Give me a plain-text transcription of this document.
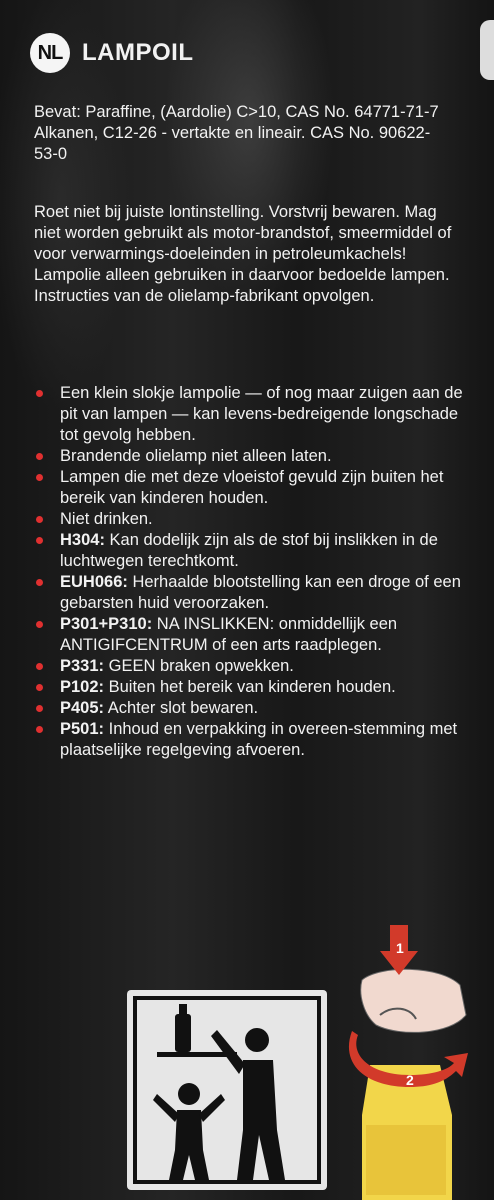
NL LAMPOIL
Bevat: Paraffine, (Aardolie) C>10, CAS No. 64771-71-7 Alkanen, C12-26 - vertakte en lineair. CAS No. 90622-53-0
Roet niet bij juiste lontinstelling. Vorstvrij bewaren. Mag niet worden gebruikt als motor-brandstof, smeermiddel of voor verwarmings-doeleinden in petroleumkachels! Lampolie alleen gebruiken in daarvoor bedoelde lampen. Instructies van de olielamp-fabrikant opvolgen.
Een klein slokje lampolie — of nog maar zuigen aan de pit van lampen — kan levens-bedreigende longschade tot gevolg hebben.
Brandende olielamp niet alleen laten.
Lampen die met deze vloeistof gevuld zijn buiten het bereik van kinderen houden.
Niet drinken.
H304: Kan dodelijk zijn als de stof bij inslikken in de luchtwegen terechtkomt.
EUH066: Herhaalde blootstelling kan een droge of een gebarsten huid veroorzaken.
P301+P310: NA INSLIKKEN: onmiddellijk een ANTIGIFCENTRUM of een arts raadplegen.
P331: GEEN braken opwekken.
P102: Buiten het bereik van kinderen houden.
P405: Achter slot bewaren.
P501: Inhoud en verpakking in overeen-stemming met plaatselijke regelgeving afvoeren.
1
2
